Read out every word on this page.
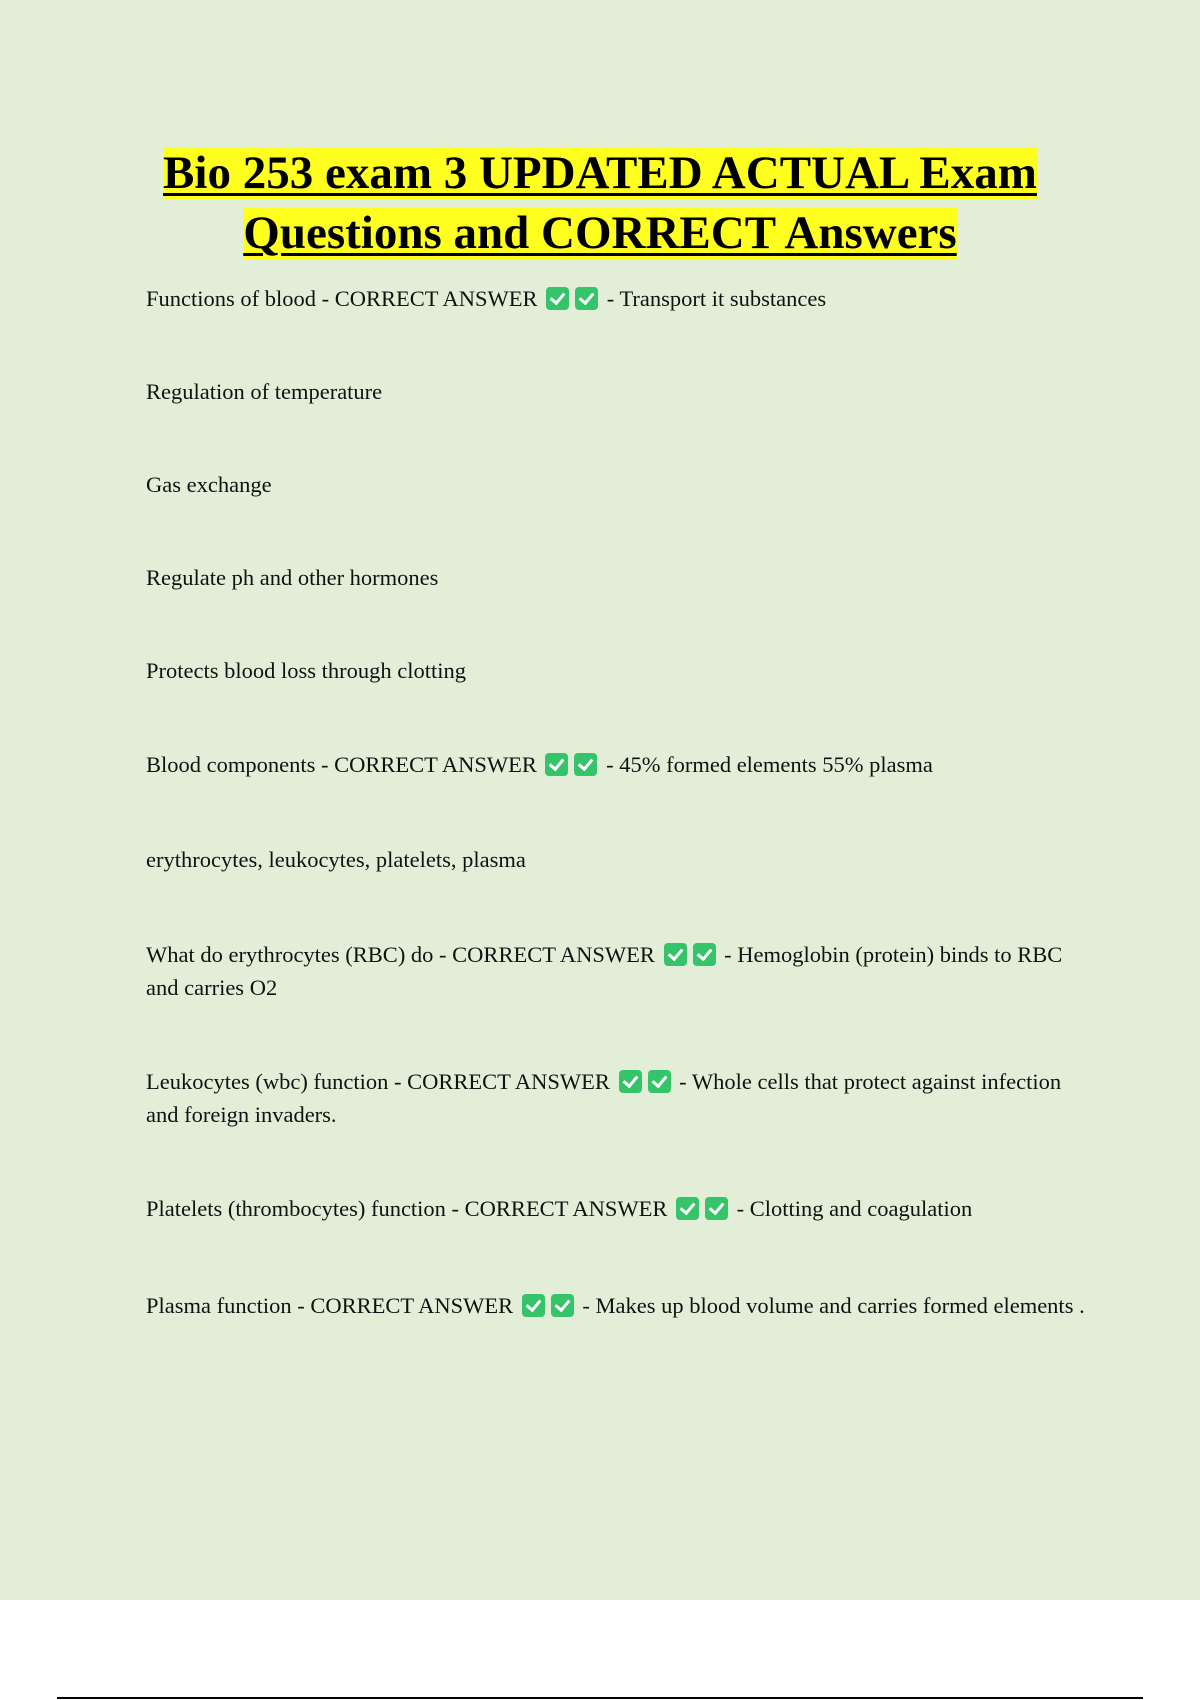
Bio 253 exam 3 UPDATED ACTUAL Exam
Questions and CORRECT Answers
Functions of blood - CORRECT ANSWER	- Transport it substances
Regulation of temperature
Gas exchange
Regulate ph and other hormones
Protects blood loss through clotting
Blood components - CORRECT ANSWER	- 45% formed elements 55% plasma
erythrocytes, leukocytes, platelets, plasma
What do erythrocytes (RBC) do - CORRECT ANSWER	- Hemoglobin (protein) binds to RBC and carries O2
Leukocytes (wbc) function - CORRECT ANSWER	- Whole cells that protect against infection and foreign invaders.
Platelets (thrombocytes) function - CORRECT ANSWER	- Clotting and coagulation
Plasma function - CORRECT ANSWER	- Makes up blood volume and carries formed elements .
